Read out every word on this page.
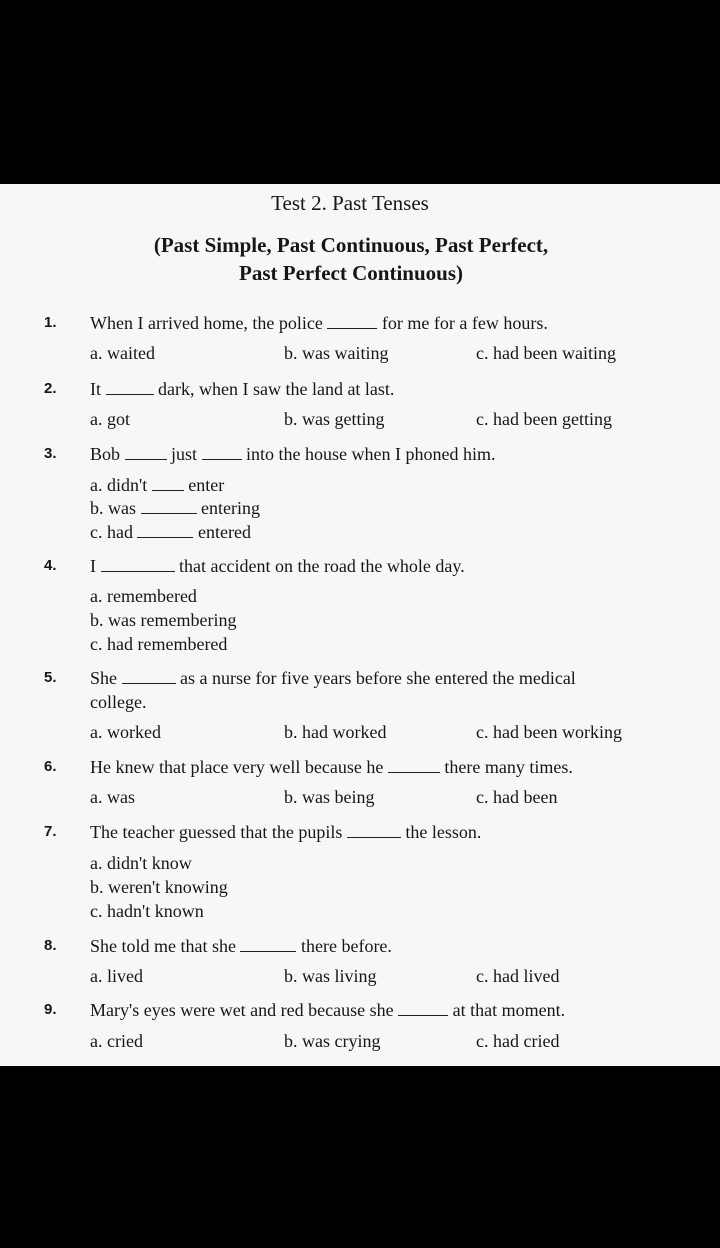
Test 2. Past Tenses
(Past Simple, Past Continuous, Past Perfect,
Past Perfect Continuous)
1. When I arrived home, the police	for me for a few hours.
a. waited	b. was waiting	c. had been waiting
2. It	dark, when I saw the land at last.
a. got	b. was getting	c. had been getting
3. Bob	just	into the house when I phoned him.
a. didn't enter
b. was	entering
c. had	entered
4. I	that accident on the road the whole day.
a. remembered
b. was remembering
c. had remembered
5. She	as a nurse for five years before she entered the medical
college.
a. worked	b. had worked	c. had been working
6. He knew that place very well because he	there many times.
a. was	b. was being	c. had been
7. The teacher guessed that the pupils	the lesson.
a. didn't know
b. weren't knowing
c. hadn't known
8. She told me that she	there before.
a. lived	b. was living	c. had lived
9. Mary's eyes were wet and red because she	at that moment.
a. cried	b. was crying	c. had cried
